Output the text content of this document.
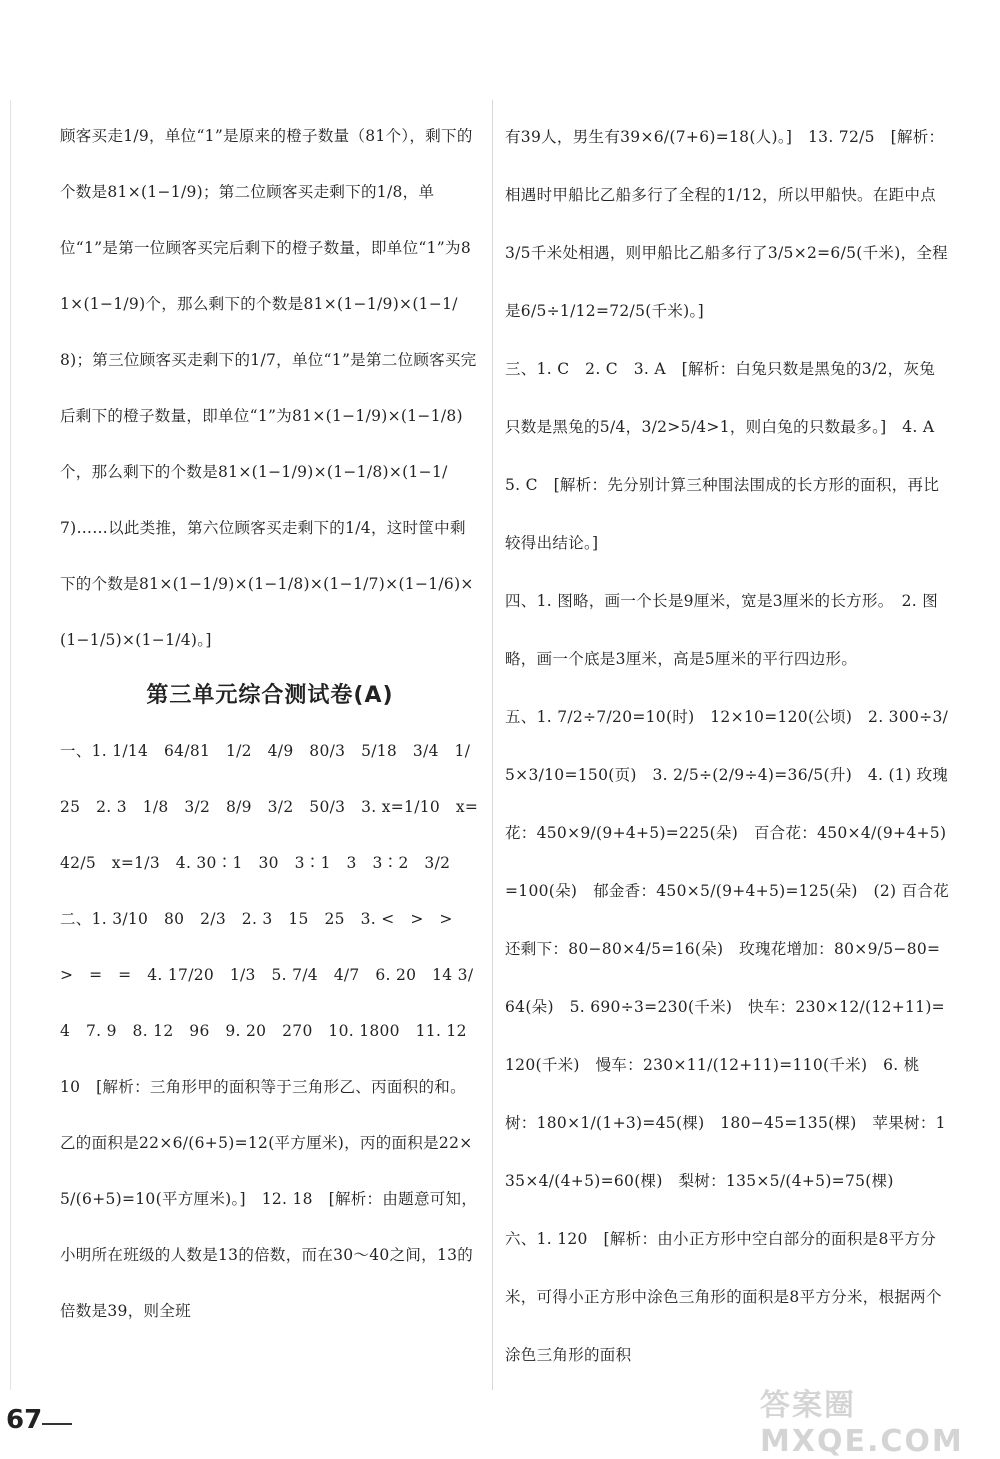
顾客买走1/9，单位“1”是原来的橙子数量（81个），剩下的个数是81×(1−1/9)；第二位顾客买走剩下的1/8，单位“1”是第一位顾客买完后剩下的橙子数量，即单位“1”为81×(1−1/9)个，那么剩下的个数是81×(1−1/9)×(1−1/8)；第三位顾客买走剩下的1/7，单位“1”是第二位顾客买完后剩下的橙子数量，即单位“1”为81×(1−1/9)×(1−1/8)个，那么剩下的个数是81×(1−1/9)×(1−1/8)×(1−1/7)……以此类推，第六位顾客买走剩下的1/4，这时筐中剩下的个数是81×(1−1/9)×(1−1/8)×(1−1/7)×(1−1/6)×(1−1/5)×(1−1/4)。]

第三单元综合测试卷(A)

一、1. 1/14　64/81　1/2　4/9　80/3　5/18　3/4　1/25　2. 3　1/8　3/2　8/9　3/2　50/3　3. x=1/10　x=42/5　x=1/3　4. 30∶1　30　3∶1　3　3∶2　3/2

二、1. 3/10　80　2/3　2. 3　15　25　3. <　>　>　>　=　=　4. 17/20　1/3　5. 7/4　4/7　6. 20　14 3/4　7. 9　8. 12　96　9. 20　270　10. 1800　11. 12　10　[解析：三角形甲的面积等于三角形乙、丙面积的和。乙的面积是22×6/(6+5)=12(平方厘米)，丙的面积是22×5/(6+5)=10(平方厘米)。]　12. 18　[解析：由题意可知，小明所在班级的人数是13的倍数，而在30～40之间，13的倍数是39，则全班

有39人，男生有39×6/(7+6)=18(人)。]　13. 72/5　[解析：相遇时甲船比乙船多行了全程的1/12，所以甲船快。在距中点3/5千米处相遇，则甲船比乙船多行了3/5×2=6/5(千米)，全程是6/5÷1/12=72/5(千米)。]

三、1. C　2. C　3. A　[解析：白兔只数是黑兔的3/2，灰兔只数是黑兔的5/4，3/2>5/4>1，则白兔的只数最多。]　4. A　5. C　[解析：先分别计算三种围法围成的长方形的面积，再比较得出结论。]

四、1. 图略，画一个长是9厘米，宽是3厘米的长方形。　2. 图略，画一个底是3厘米，高是5厘米的平行四边形。

五、1. 7/2÷7/20=10(时)　12×10=120(公顷)　2. 300÷3/5×3/10=150(页)　3. 2/5÷(2/9÷4)=36/5(升)　4. (1) 玫瑰花：450×9/(9+4+5)=225(朵)　百合花：450×4/(9+4+5)=100(朵)　郁金香：450×5/(9+4+5)=125(朵)　(2) 百合花还剩下：80−80×4/5=16(朵)　玫瑰花增加：80×9/5−80=64(朵)　5. 690÷3=230(千米)　快车：230×12/(12+11)=120(千米)　慢车：230×11/(12+11)=110(千米)　6. 桃树：180×1/(1+3)=45(棵)　180−45=135(棵)　苹果树：135×4/(4+5)=60(棵)　梨树：135×5/(4+5)=75(棵)

六、1. 120　[解析：由小正方形中空白部分的面积是8平方分米，可得小正方形中涂色三角形的面积是8平方分米，根据两个涂色三角形的面积

67	答案圈 MXQE.COM
